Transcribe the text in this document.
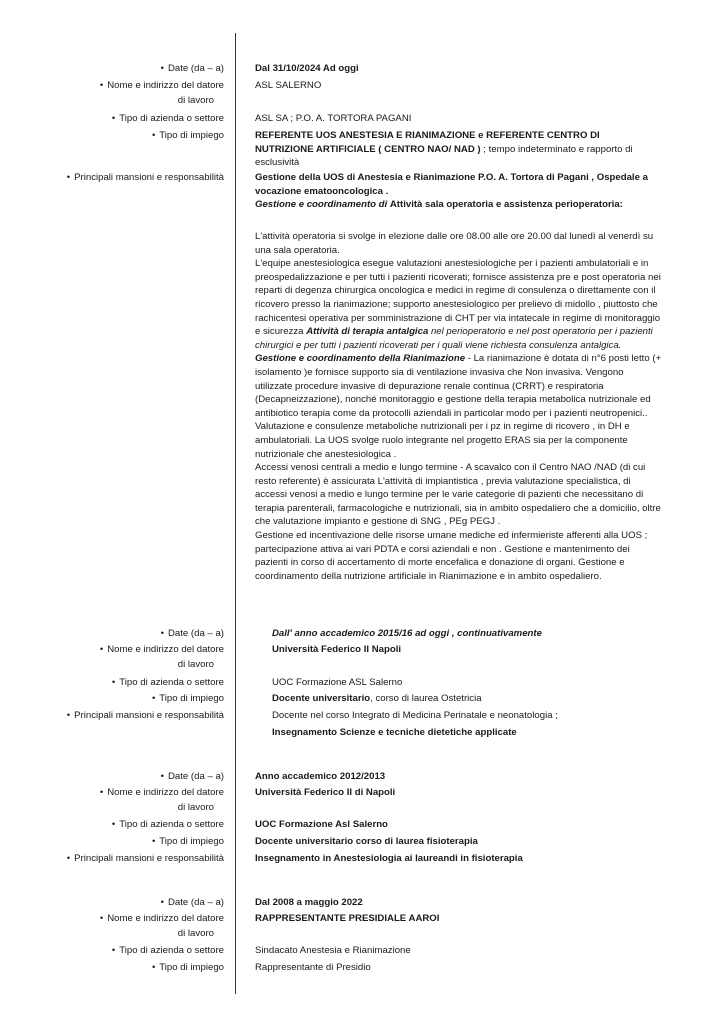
• Date (da – a)
• Nome e indirizzo del datore
di lavoro
• Tipo di azienda o settore
• Tipo di impiego
• Principali mansioni e responsabilità
Dal 31/10/2024 Ad oggi
ASL SALERNO
ASL SA ; P.O. A. TORTORA PAGANI

REFERENTE UOS ANESTESIA E RIANIMAZIONE e REFERENTE CENTRO DI

NUTRIZIONE ARTIFICIALE ( CENTRO NAO/ NAD ) ; tempo indeterminato e rapporto di

esclusività

Gestione della UOS di Anestesia e Rianimazione P.O. A. Tortora di Pagani , Ospedale a

vocazione ematooncologica .

Gestione e coordinamento di Attività sala operatoria e assistenza perioperatoria:

L'attività operatoria si svolge in elezione dalle ore 08.00 alle ore 20.00 dal lunedì al venerdì su

una sala operatoria.

L'equipe anestesiologica esegue valutazioni anestesiologiche per i pazienti ambulatoriali e in

preospedalizzazione e per tutti i pazienti ricoverati; fornisce assistenza pre e post operatoria nei

reparti di degenza chirurgica oncologica e medici in regime di consulenza o direttamente con il

ricovero presso la rianimazione; supporto anestesiologico per prelievo di midollo , piuttosto che

rachicentesi operativa per somministrazione di CHT per via intatecale in regime di monitoraggio

e sicurezza Attività di terapia antalgica nel perioperatorio e nel post operatorio per i pazienti

chirurgici e per tutti i pazienti ricoverati per i quali viene richiesta consulenza antalgica.

Gestione e coordinamento della Rianimazione - La rianimazione è dotata di n°6 posti letto (+

isolamento )e fornisce supporto sia di ventilazione invasiva che Non invasiva. Vengono

utilizzate procedure invasive di depurazione renale continua (CRRT) e respiratoria

(Decapneizzazione), nonché monitoraggio e gestione della terapia metabolica nutrizionale ed

antibiotico terapia come da protocolli aziendali in particolar modo per i pazienti neutropenici..

Valutazione e consulenze metaboliche nutrizionali per i pz in regime di ricovero , in DH e

ambulatoriali. La UOS svolge ruolo integrante nel progetto ERAS sia per la componente

nutrizionale che anestesiologica .

Accessi venosi centrali a medio e lungo termine - A scavalco con il Centro NAO /NAD (di cui

resto referente) è assicurata L'attività di impiantistica , previa valutazione specialistica, di

accessi venosi a medio e lungo termine per le varie categorie di pazienti che necessitano di

terapia parenterali, farmacologiche e nutrizionali, sia in ambito ospedaliero che a domicilio, oltre

che valutazione impianto e gestione di SNG , PEg PEGJ .

Gestione ed incentivazione delle risorse umane mediche ed infermieriste afferenti alla UOS ;

partecipazione attiva ai vari PDTA e corsi aziendali e non . Gestione e mantenimento dei

pazienti in corso di accertamento di morte encefalica e donazione di organi. Gestione e

coordinamento della nutrizione artificiale in Rianimazione e in ambito ospedaliero.

• Date (da – a)
• Nome e indirizzo del datore
di lavoro
• Tipo di azienda o settore
• Tipo di impiego
• Principali mansioni e responsabilità
Dall' anno accademico 2015/16 ad oggi , continuativamente
Università Federico II Napoli
UOC Formazione ASL Salerno
Docente universitario, corso di laurea Ostetricia
Docente nel corso Integrato di Medicina Perinatale e neonatologia ;
Insegnamento Scienze e tecniche dietetiche applicate
• Date (da – a)
• Nome e indirizzo del datore
di lavoro
• Tipo di azienda o settore
• Tipo di impiego
• Principali mansioni e responsabilità
Anno accademico 2012/2013
Università Federico II di Napoli
UOC Formazione Asl Salerno
Docente universitario corso di laurea fisioterapia
Insegnamento in Anestesiologia ai laureandi in fisioterapia
• Date (da – a)
• Nome e indirizzo del datore
di lavoro
• Tipo di azienda o settore
• Tipo di impiego
Dal 2008 a maggio 2022
RAPPRESENTANTE PRESIDIALE AAROI
Sindacato Anestesia e Rianimazione
Rappresentante di Presidio
